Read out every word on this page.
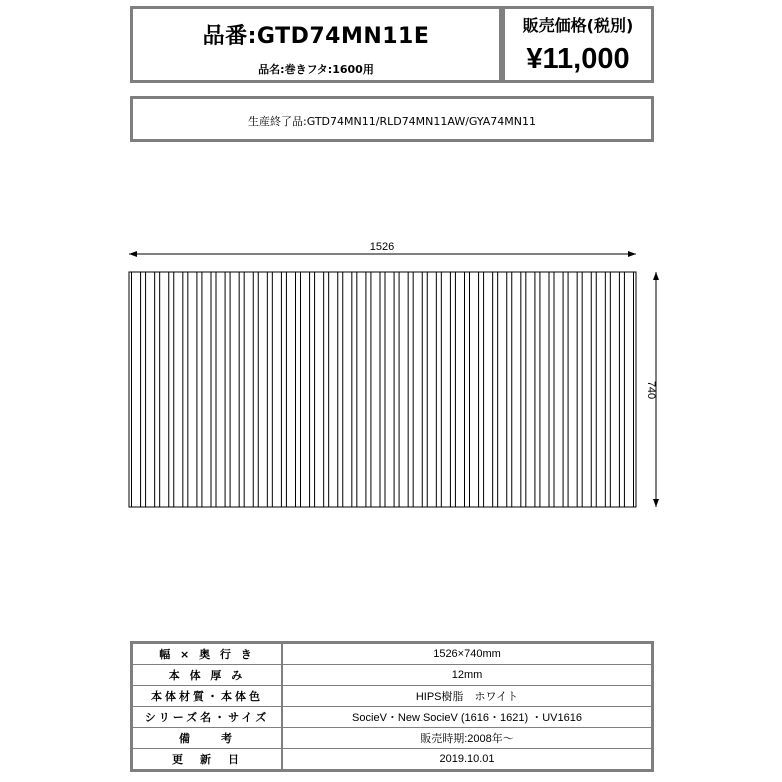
品番:GTD74MN11E
品名:巻きフタ:1600用
販売価格(税別)
¥11,000
生産終了品:GTD74MN11/RLD74MN11AW/GYA74MN11
1526
740
幅 × 奥 行 き	1526×740mm
本 体 厚 み	12mm
本体材質・本体色	HIPS樹脂　ホワイト
シリーズ名・サイズ	SocieV・New SocieV (1616・1621) ・UV1616
備　　考	販売時期:2008年～
更　新　日	2019.10.01
